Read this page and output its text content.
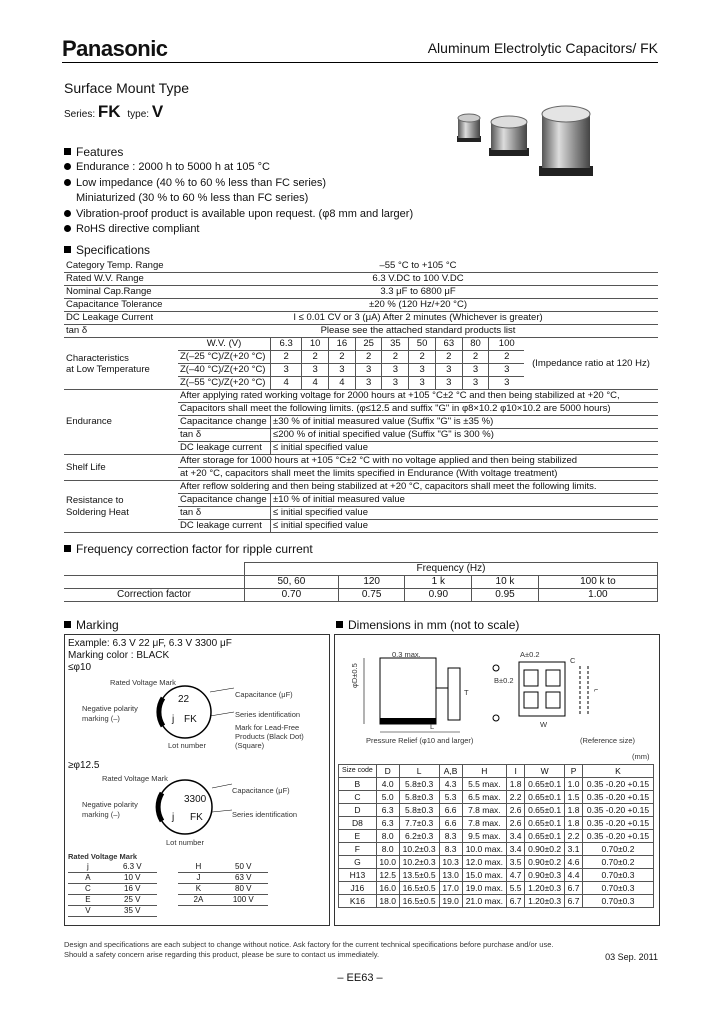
Panasonic	Aluminum Electrolytic Capacitors/ FK
Surface Mount Type
Series: FK type: V
Features
Endurance : 2000 h to 5000 h at 105 °C
Low impedance (40 % to 60 % less than FC series)
Miniaturized (30 % to 60 % less than FC series)
Vibration-proof product is available upon request. (φ8 mm and larger)
RoHS directive compliant
Specifications
Category Temp. Range	–55 °C to +105 °C										
Rated W.V. Range	6.3 V.DC to 100 V.DC										
Nominal Cap.Range	3.3 μF to 6800 μF										
Capacitance Tolerance	±20 % (120 Hz/+20 °C)										
DC Leakage Current	I ≤ 0.01 CV or 3 (μA) After 2 minutes (Whichever is greater)										
tan δ	Please see the attached standard products list										
Characteristics
at Low Temperature	W.V. (V)	6.3	10	16	25	35	50	63	80	100	(Impedance ratio at 120 Hz)
	Z(–25 °C)/Z(+20 °C)	2	2	2	2	2	2	2	2	2	
	Z(–40 °C)/Z(+20 °C)	3	3	3	3	3	3	3	3	3	
	Z(–55 °C)/Z(+20 °C)	4	4	4	3	3	3	3	3	3	
Endurance	After applying rated working voltage for 2000 hours at +105 °C±2 °C and then being stabilized at +20 °C,										
	Capacitors shall meet the following limits. (φ≤12.5 and suffix "G" in φ8×10.2 φ10×10.2 are 5000 hours)										
	Capacitance change	±30 % of initial measured value (Suffix "G" is ±35 %)									
	tan δ	≤200 % of initial specified value (Suffix "G" is 300 %)									
	DC leakage current	≤ initial specified value									
Shelf Life	After storage for 1000 hours at +105 °C±2 °C with no voltage applied and then being stabilized										
	at +20 °C, capacitors shall meet the limits specified in Endurance (With voltage treatment)										
Resistance to
Soldering Heat	After reflow soldering and then being stabilized at +20 °C, capacitors shall meet the following limits.										
	Capacitance change	±10 % of initial measured value									
	tan δ	≤ initial specified value									
	DC leakage current	≤ initial specified value									
Frequency correction factor for ripple current
	Frequency (Hz)				
	50, 60	120	1 k	10 k	100 k to
Correction factor	0.70	0.75	0.90	0.95	1.00
Marking
Example: 6.3 V 22 μF, 6.3 V 3300 μF
Marking color : BLACK
≤φ10
Rated Voltage Mark
Negative polarity
marking (–)
Capacitance (μF)
Series identification
Mark for Lead-Free
Products (Black Dot)
(Square)
Lot number
22
j FK
≥φ12.5
Rated Voltage Mark
Negative polarity
marking (–)
Capacitance (μF)
Series identification
Lot number
3300
j FK
Rated Voltage Mark
j	6.3 V		H	50 V
A	10 V		J	63 V
C	16 V		K	80 V
E	25 V		2A	100 V
V	35 V			
Dimensions in mm (not to scale)
⌐
0.3 max.	A±0.2
C
φD±0.5	B±0.2
T
L	W
Pressure Relief (φ10 and larger)	(Reference size)
(mm)
Size code	D	L	A,B	H	I	W	P	K
B	4.0	5.8±0.3	4.3	5.5 max.	1.8	0.65±0.1	1.0	0.35 -0.20 +0.15
C	5.0	5.8±0.3	5.3	6.5 max.	2.2	0.65±0.1	1.5	0.35 -0.20 +0.15
D	6.3	5.8±0.3	6.6	7.8 max.	2.6	0.65±0.1	1.8	0.35 -0.20 +0.15
D8	6.3	7.7±0.3	6.6	7.8 max.	2.6	0.65±0.1	1.8	0.35 -0.20 +0.15
E	8.0	6.2±0.3	8.3	9.5 max.	3.4	0.65±0.1	2.2	0.35 -0.20 +0.15
F	8.0	10.2±0.3	8.3	10.0 max.	3.4	0.90±0.2	3.1	0.70±0.2
G	10.0	10.2±0.3	10.3	12.0 max.	3.5	0.90±0.2	4.6	0.70±0.2
H13	12.5	13.5±0.5	13.0	15.0 max.	4.7	0.90±0.3	4.4	0.70±0.3
J16	16.0	16.5±0.5	17.0	19.0 max.	5.5	1.20±0.3	6.7	0.70±0.3
K16	18.0	16.5±0.5	19.0	21.0 max.	6.7	1.20±0.3	6.7	0.70±0.3
Design and specifications are each subject to change without notice. Ask factory for the current technical specifications before purchase and/or use.
Should a safety concern arise regarding this product, please be sure to contact us immediately.	03 Sep. 2011
– EE63 –
